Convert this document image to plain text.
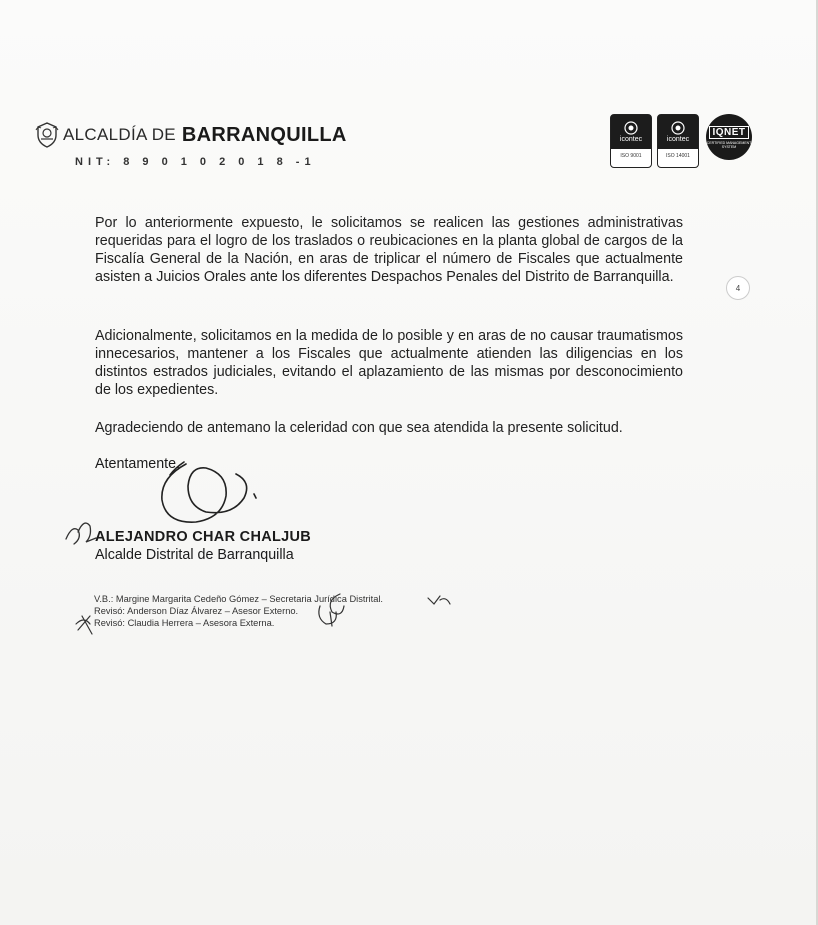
ALCALDÍA DE BARRANQUILLA
NIT: 8 9 0 1 0 2 0 1 8 -1
icontec
ISO 9001
icontec
ISO 14001
IQNET
CERTIFIED MANAGEMENT SYSTEM
4
Por lo anteriormente expuesto, le solicitamos se realicen las gestiones administrativas requeridas para el logro de los traslados o reubicaciones en la planta global de cargos de la Fiscalía General de la Nación, en aras de triplicar el número de Fiscales que actualmente asisten a Juicios Orales ante los diferentes Despachos Penales del Distrito de Barranquilla.
Adicionalmente, solicitamos en la medida de lo posible y en aras de no causar traumatismos innecesarios, mantener a los Fiscales que actualmente atienden las diligencias en los distintos estrados judiciales, evitando el aplazamiento de las mismas por desconocimiento de los expedientes.
Agradeciendo de antemano la celeridad con que sea atendida la presente solicitud.
Atentamente,
ALEJANDRO CHAR CHALJUB
Alcalde Distrital de Barranquilla
V.B.: Margine Margarita Cedeño Gómez – Secretaria Jurídica Distrital.
Revisó: Anderson Díaz Álvarez – Asesor Externo.
Revisó: Claudia Herrera – Asesora Externa.
